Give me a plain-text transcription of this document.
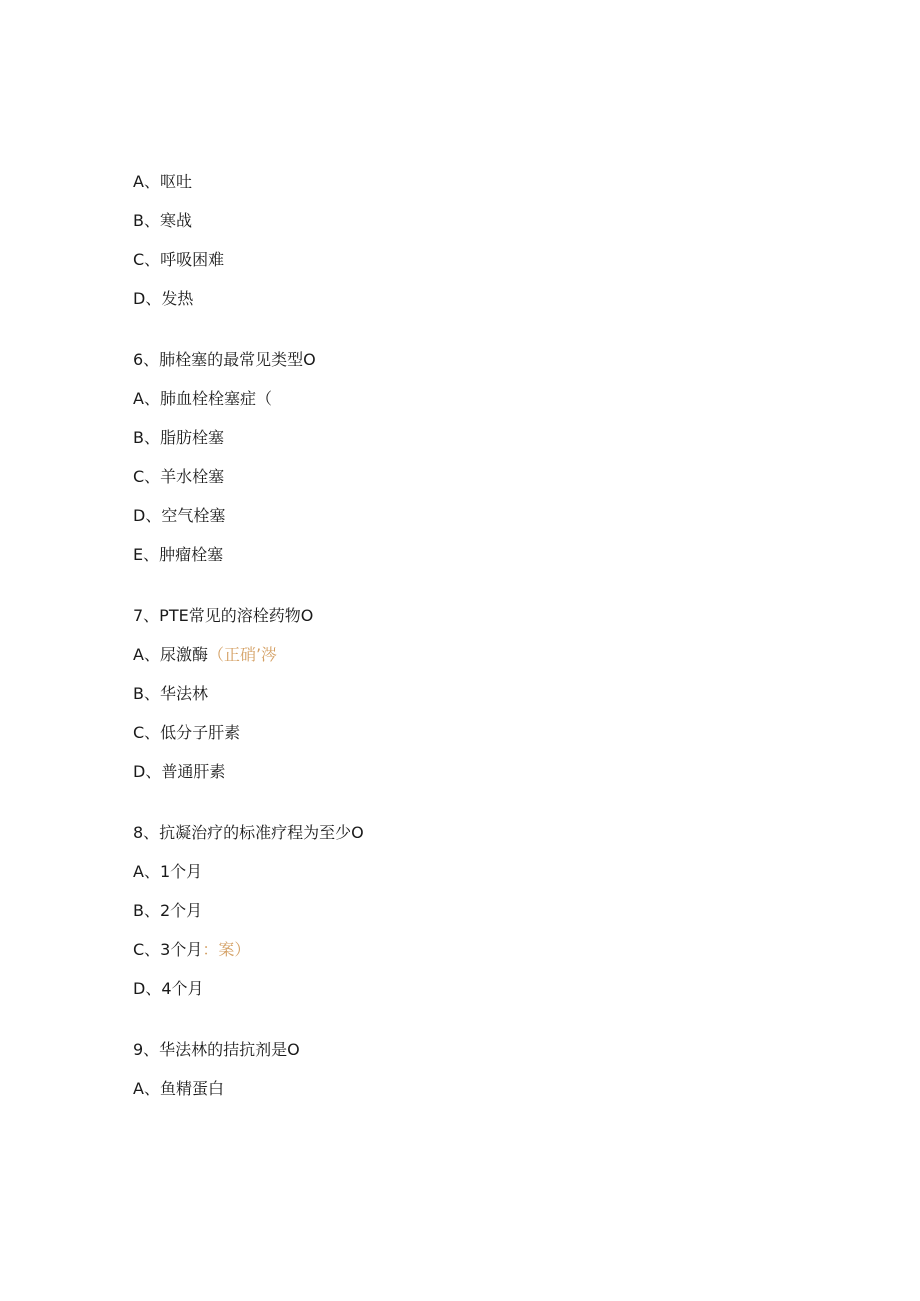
A、呕吐
B、寒战
C、呼吸困难
D、发热
6、肺栓塞的最常见类型O
A、肺血栓栓塞症（
B、脂肪栓塞
C、羊水栓塞
D、空气栓塞
E、肿瘤栓塞
7、PTE常见的溶栓药物O
A、尿激酶（正硝’涔
B、华法林
C、低分子肝素
D、普通肝素
8、抗凝治疗的标准疗程为至少O
A、1个月
B、2个月
C、3个月：案）
D、4个月
9、华法林的拮抗剂是O
A、鱼精蛋白
